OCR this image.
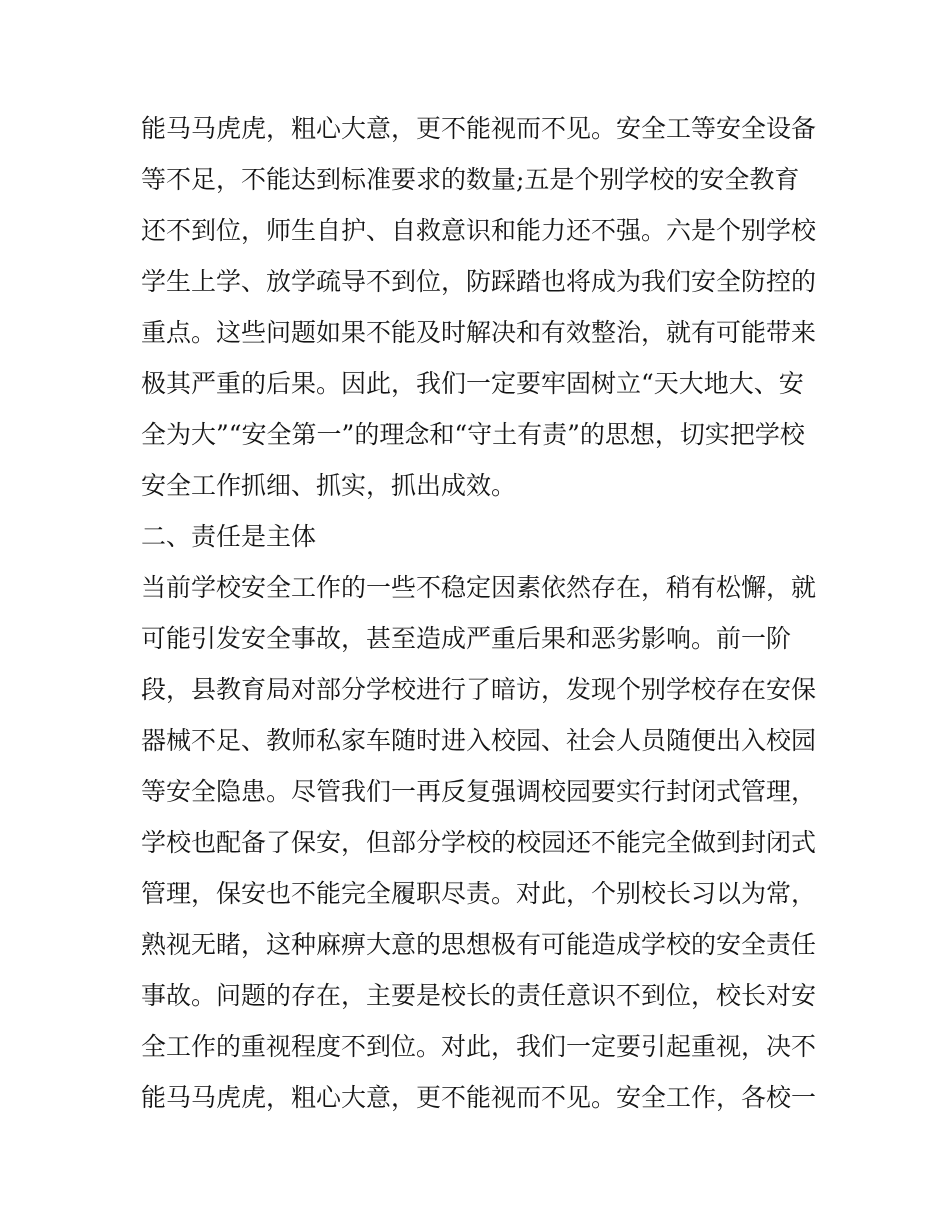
能马马虎虎，粗心大意，更不能视而不见。安全工等安全设备
等不足，不能达到标准要求的数量;五是个别学校的安全教育
还不到位，师生自护、自救意识和能力还不强。六是个别学校
学生上学、放学疏导不到位，防踩踏也将成为我们安全防控的
重点。这些问题如果不能及时解决和有效整治，就有可能带来
极其严重的后果。因此，我们一定要牢固树立“天大地大、安
全为大”“安全第一”的理念和“守土有责”的思想，切实把学校
安全工作抓细、抓实，抓出成效。
二、责任是主体
当前学校安全工作的一些不稳定因素依然存在，稍有松懈，就
可能引发安全事故，甚至造成严重后果和恶劣影响。前一阶
段，县教育局对部分学校进行了暗访，发现个别学校存在安保
器械不足、教师私家车随时进入校园、社会人员随便出入校园
等安全隐患。尽管我们一再反复强调校园要实行封闭式管理，
学校也配备了保安，但部分学校的校园还不能完全做到封闭式
管理，保安也不能完全履职尽责。对此，个别校长习以为常，
熟视无睹，这种麻痹大意的思想极有可能造成学校的安全责任
事故。问题的存在，主要是校长的责任意识不到位，校长对安
全工作的重视程度不到位。对此，我们一定要引起重视，决不
能马马虎虎，粗心大意，更不能视而不见。安全工作，各校一
